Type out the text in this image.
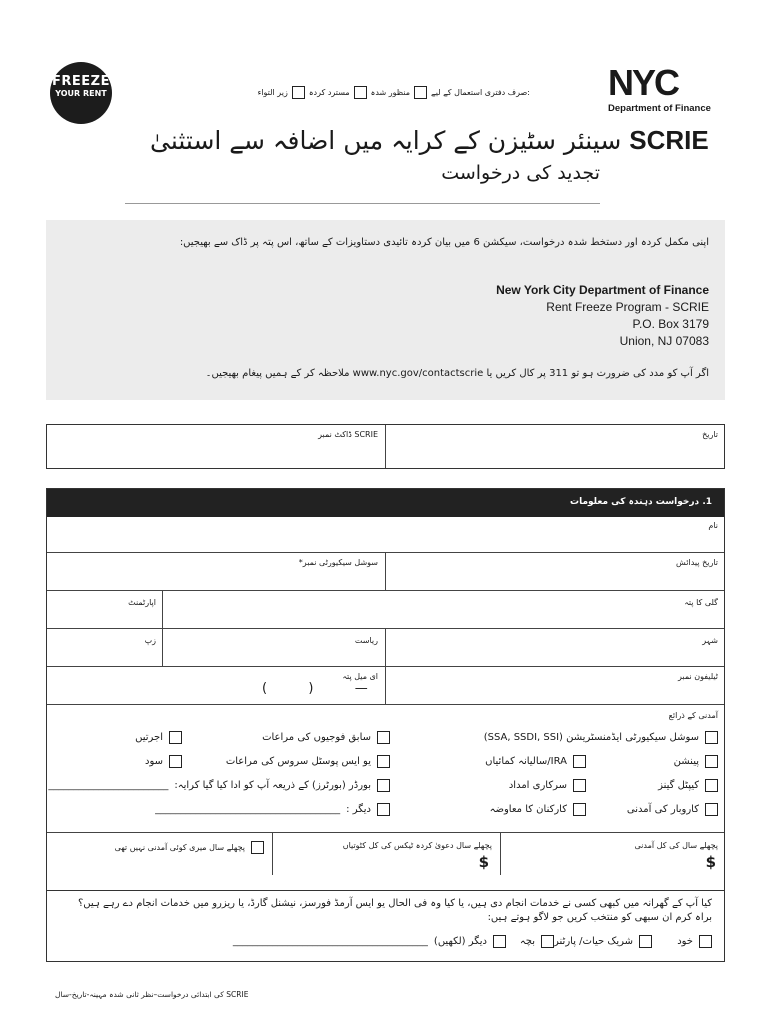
FREEZE
YOUR RENT	صرف دفتری استعمال کے لیے:
منظور شدہ
مسترد کردہ
زیر التواء	NYC
Department of Finance
سینئر سٹیزن کے کرایہ میں اضافہ سے استثنیٰ SCRIE
تجدید کی درخواست
اپنی مکمل کردہ اور دستخط شدہ درخواست، سیکشن 6 میں بیان کردہ تائیدی دستاویزات کے ساتھ، اس پتہ پر ڈاک سے بھیجیں:
New York City Department of Finance
Rent Freeze Program - SCRIE
P.O. Box 3179
Union, NJ 07083
اگر آپ کو مدد کی ضرورت ہو تو 311 پر کال کریں یا www.nyc.gov/contactscrie ملاحظہ کر کے ہمیں پیغام بھیجیں۔
تاریخ
SCRIE ڈاکٹ نمبر
1. درخواست دہندہ کی معلومات
نام
تاریخ پیدائش
سوشل سیکیورٹی نمبر*
گلی کا پتہ
اپارٹمنٹ
شہر
ریاست
زپ
ٹیلیفون نمبر
ای میل پتہ
(          )          —
آمدنی کے ذرائع
سوشل سیکیورٹی ایڈمنسٹریشن (SSA, SSDI, SSI)
سابق فوجیوں کی مراعات
اجرتیں
پینشن
IRA/سالیانہ کمائیاں
یو ایس پوسٹل سروس کی مراعات
سود
کیپٹل گینز
سرکاری امداد
بورڈر (بورٹرز) کے ذریعہ آپ کو ادا کیا گیا کرایہ:
________________________
کاروبار کی آمدنی
کارکنان کا معاوضہ
دیگر :
_____________________________________
پچھلے سال کی کل آمدنی
$
پچھلے سال دعویٰ کردہ ٹیکس کی کل کٹوتیاں
$
پچھلے سال میری کوئی آمدنی نہیں تھی
کیا آپ کے گھرانہ میں کبھی کسی نے خدمات انجام دی ہیں، یا کیا وہ فی الحال یو ایس آرمڈ فورسز، نیشنل گارڈ، یا ریزرو میں خدمات انجام دے رہے ہیں؟ براہ کرم ان سبھی کو منتخب کریں جو لاگو ہوتے ہیں:
خود
شریک حیات/ پارٹنر
بچہ
دیگر (لکھیں)
_______________________________________
SCRIE کی ابتدائی درخواست–نظر ثانی شدہ مہینہ-تاریخ-سال
